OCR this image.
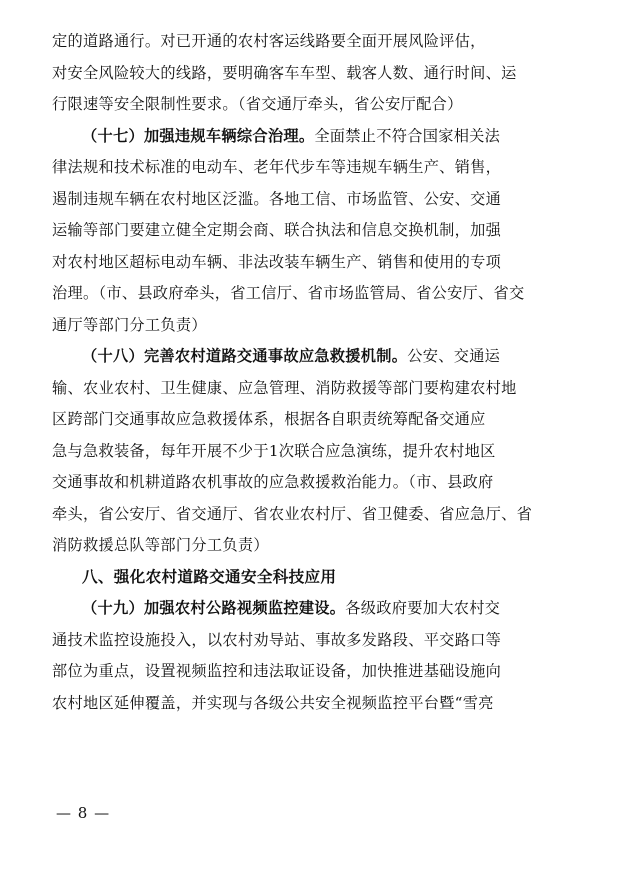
定的道路通行。对已开通的农村客运线路要全面开展风险评估，
对安全风险较大的线路，要明确客车车型、载客人数、通行时间、运
行限速等安全限制性要求。（省交通厅牵头，省公安厅配合）
（十七）加强违规车辆综合治理。全面禁止不符合国家相关法
律法规和技术标准的电动车、老年代步车等违规车辆生产、销售，
遏制违规车辆在农村地区泛滥。各地工信、市场监管、公安、交通
运输等部门要建立健全定期会商、联合执法和信息交换机制，加强
对农村地区超标电动车辆、非法改装车辆生产、销售和使用的专项
治理。（市、县政府牵头，省工信厅、省市场监管局、省公安厅、省交
通厅等部门分工负责）
（十八）完善农村道路交通事故应急救援机制。公安、交通运
输、农业农村、卫生健康、应急管理、消防救援等部门要构建农村地
区跨部门交通事故应急救援体系，根据各自职责统筹配备交通应
急与急救装备，每年开展不少于1次联合应急演练，提升农村地区
交通事故和机耕道路农机事故的应急救援救治能力。（市、县政府
牵头，省公安厅、省交通厅、省农业农村厅、省卫健委、省应急厅、省
消防救援总队等部门分工负责）
八、强化农村道路交通安全科技应用
（十九）加强农村公路视频监控建设。各级政府要加大农村交
通技术监控设施投入，以农村劝导站、事故多发路段、平交路口等
部位为重点，设置视频监控和违法取证设备，加快推进基础设施向
农村地区延伸覆盖，并实现与各级公共安全视频监控平台暨“雪亮
— 8 —
